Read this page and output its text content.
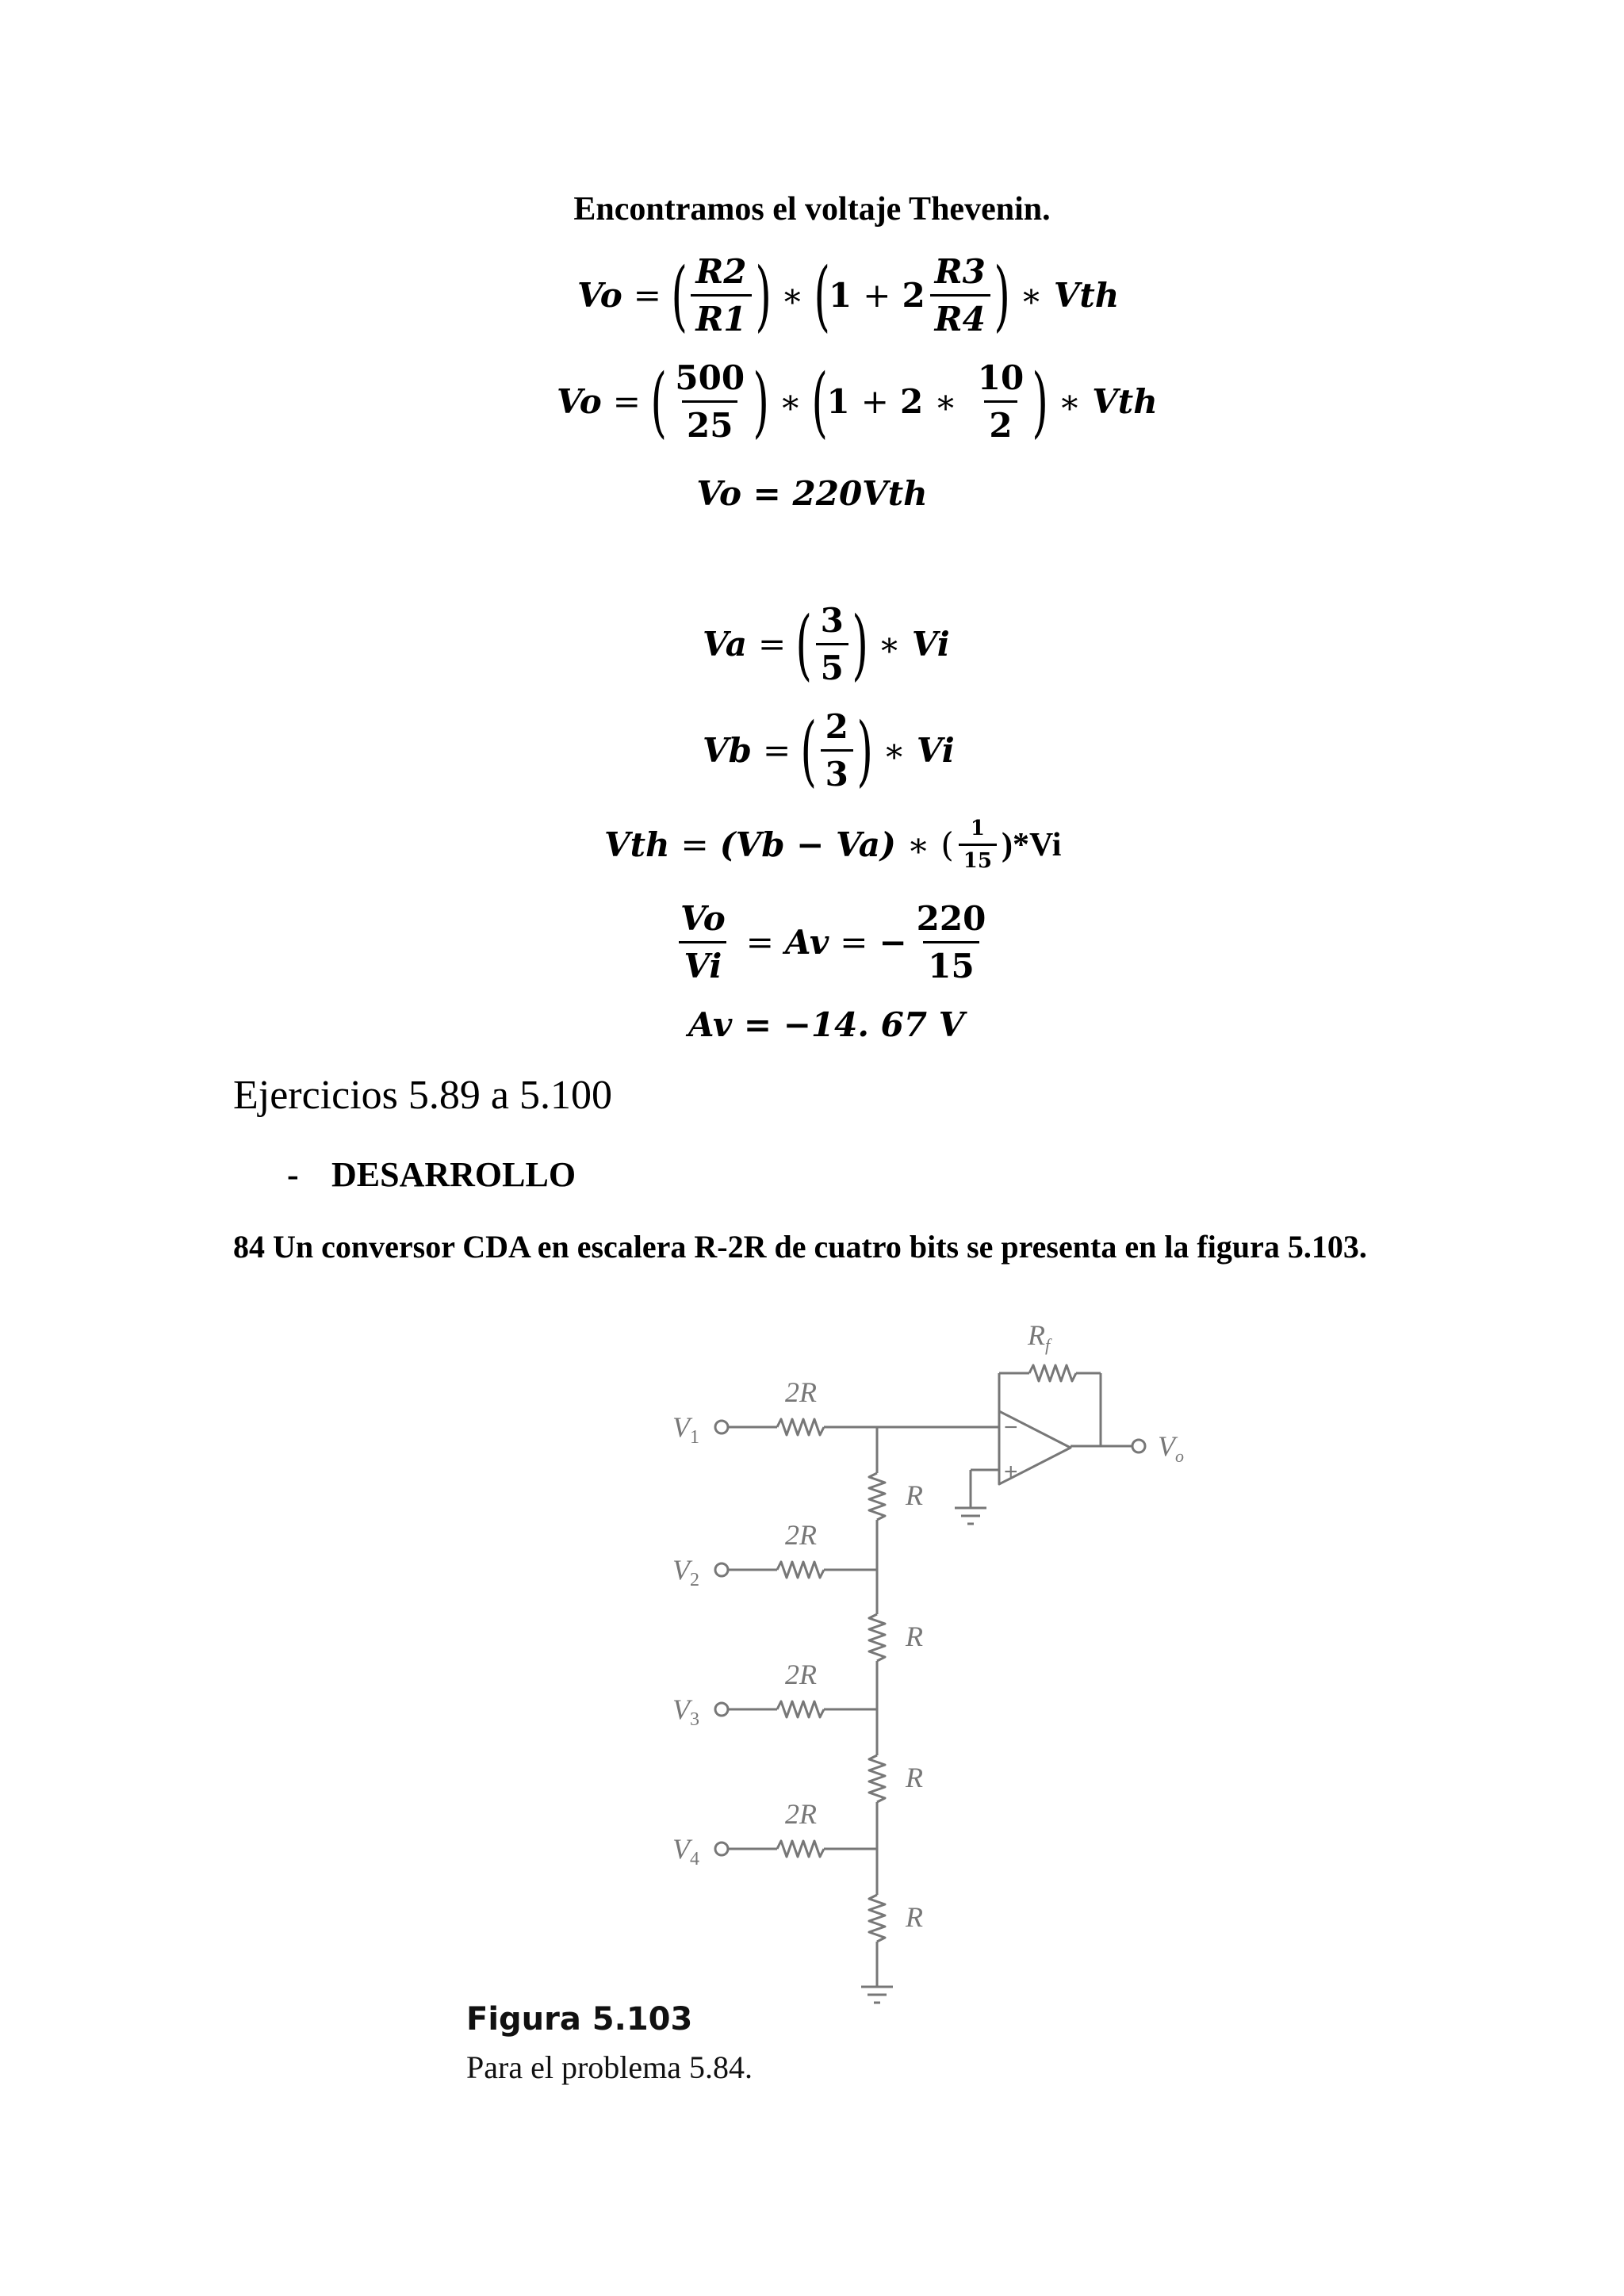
Encontramos el voltaje Thevenin.
Vo = ( $\frac{R2}{R1}$ ) ∗ (
$1 + 2 \frac{R3}{R4}$ ) ∗ Vth
Vo = ( $\frac{500}{25}$ ) ∗ (
1 + 2 ∗ $\frac{10}{2}$ ) ∗ Vth
Vo = 220Vth
Va = ( $\frac{3}{5}$ ) ∗ Vi
Vb = ( $\frac{2}{3}$ ) ∗ Vi
Vth = (Vb − Va) ∗ ( $\frac{1}{15} )*Vi$
$\frac{Vo}{Vi} = Av$ = − $\frac{220}{15}$
Av = −14. 67 V
Ejercicios 5.89 a 5.100
- DESARROLLO
84 Un conversor CDA en escalera R-2R de cuatro bits se presenta en la figura 5.103.
$R_f$
2R
2R
2R
2R
R
R
R
R
$V_1$
$V_2$
$V_3$
$V_4$
$V_o$
−
+
Figura 5.103
Para el problema 5.84.
